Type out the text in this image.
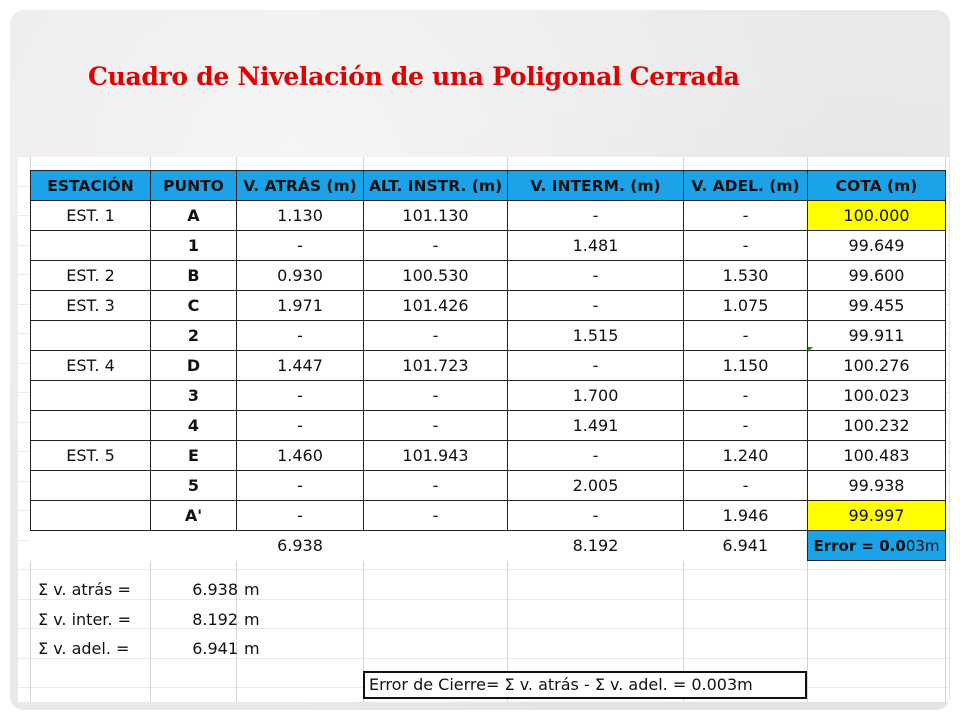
Cuadro de Nivelación de una Poligonal Cerrada
ESTACIÓN	PUNTO	V. ATRÁS (m)	ALT. INSTR. (m)	V. INTERM. (m)	V. ADEL. (m)	COTA (m)
EST. 1	A	1.130	101.130	-	-	100.000
	1	-	-	1.481	-	99.649
EST. 2	B	0.930	100.530	-	1.530	99.600
EST. 3	C	1.971	101.426	-	1.075	99.455
	2	-	-	1.515	-	99.911
EST. 4	D	1.447	101.723	-	1.150	100.276
	3	-	-	1.700	-	100.023
	4	-	-	1.491	-	100.232
EST. 5	E	1.460	101.943	-	1.240	100.483
	5	-	-	2.005	-	99.938
	A'	-	-	-	1.946	99.997
		6.938		8.192	6.941	Error = 0.003m
Σ v. atrás =	6.938 m
Σ v. inter. =	8.192 m
Σ v. adel. =	6.941 m
Error de Cierre= Σ v. atrás - Σ v. adel. = 0.003m
